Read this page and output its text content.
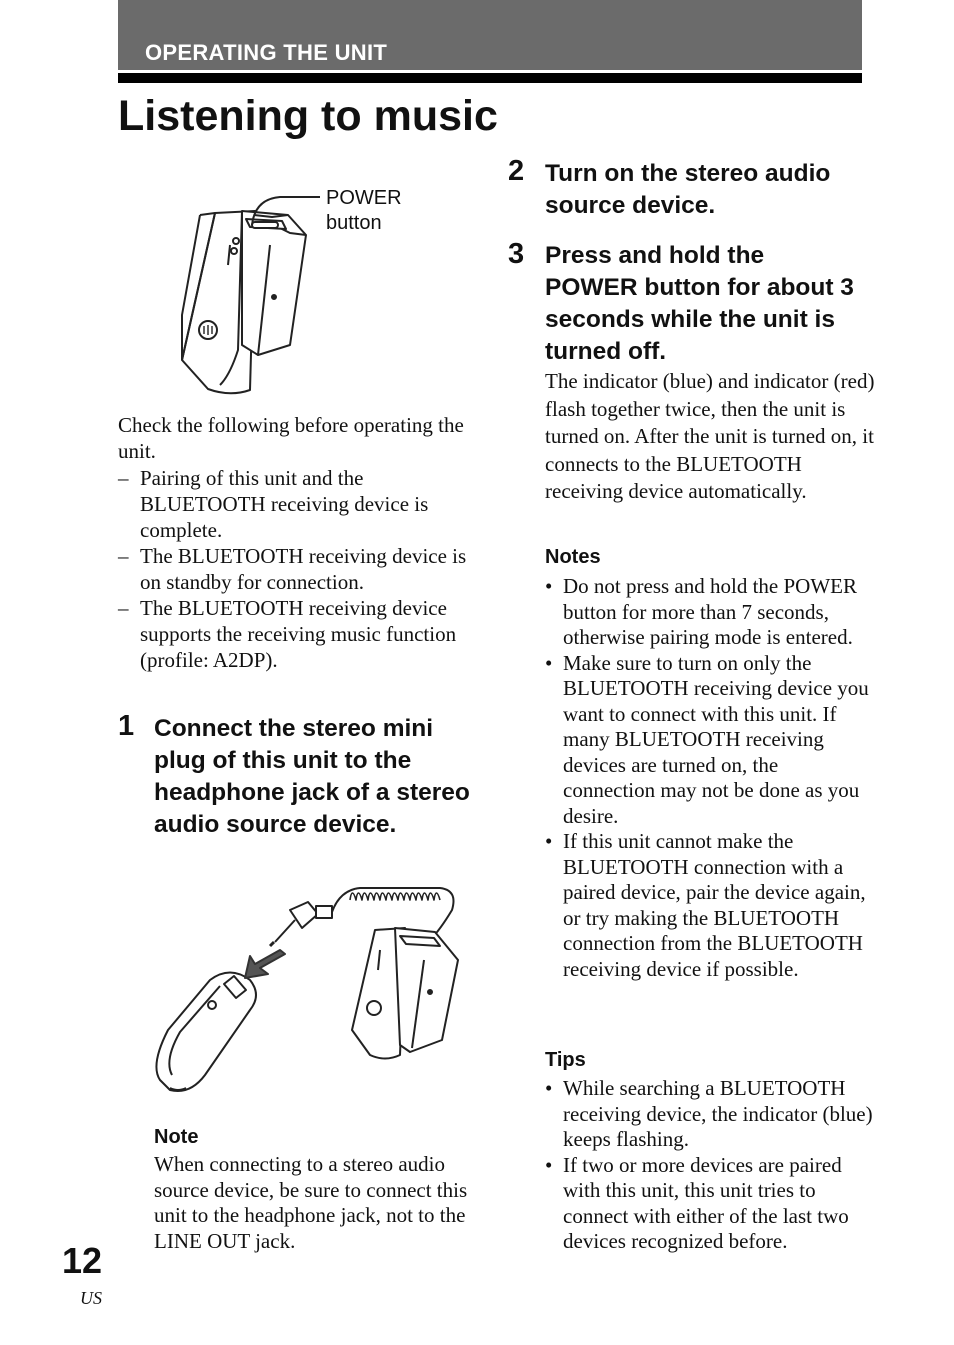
OPERATING THE UNIT
Listening to music
POWER button

Check the following before operating the unit.

– Pairing of this unit and the BLUETOOTH receiving device is complete.
– The BLUETOOTH receiving device is on standby for connection.
– The BLUETOOTH receiving device supports the receiving music function (profile: A2DP).
1 Connect the stereo mini plug of this unit to the headphone jack of a stereo audio source device.

Note

When connecting to a stereo audio source device, be sure to connect this unit to the headphone jack, not to the LINE OUT jack.

2 Turn on the stereo audio source device.

3 Press and hold the POWER button for about 3 seconds while the unit is turned off.

The indicator (blue) and indicator (red) flash together twice, then the unit is turned on. After the unit is turned on, it connects to the BLUETOOTH receiving device automatically.

Notes
• Do not press and hold the POWER button for more than 7 seconds, otherwise pairing mode is entered.
• Make sure to turn on only the BLUETOOTH receiving device you want to connect with this unit. If many BLUETOOTH receiving devices are turned on, the connection may not be done as you desire.
• If this unit cannot make the BLUETOOTH connection with a paired device, pair the device again, or try making the BLUETOOTH connection from the BLUETOOTH receiving device if possible.
Tips
• While searching a BLUETOOTH receiving device, the indicator (blue) keeps flashing.
• If two or more devices are paired with this unit, this unit tries to connect with either of the last two devices recognized before.
12
US
